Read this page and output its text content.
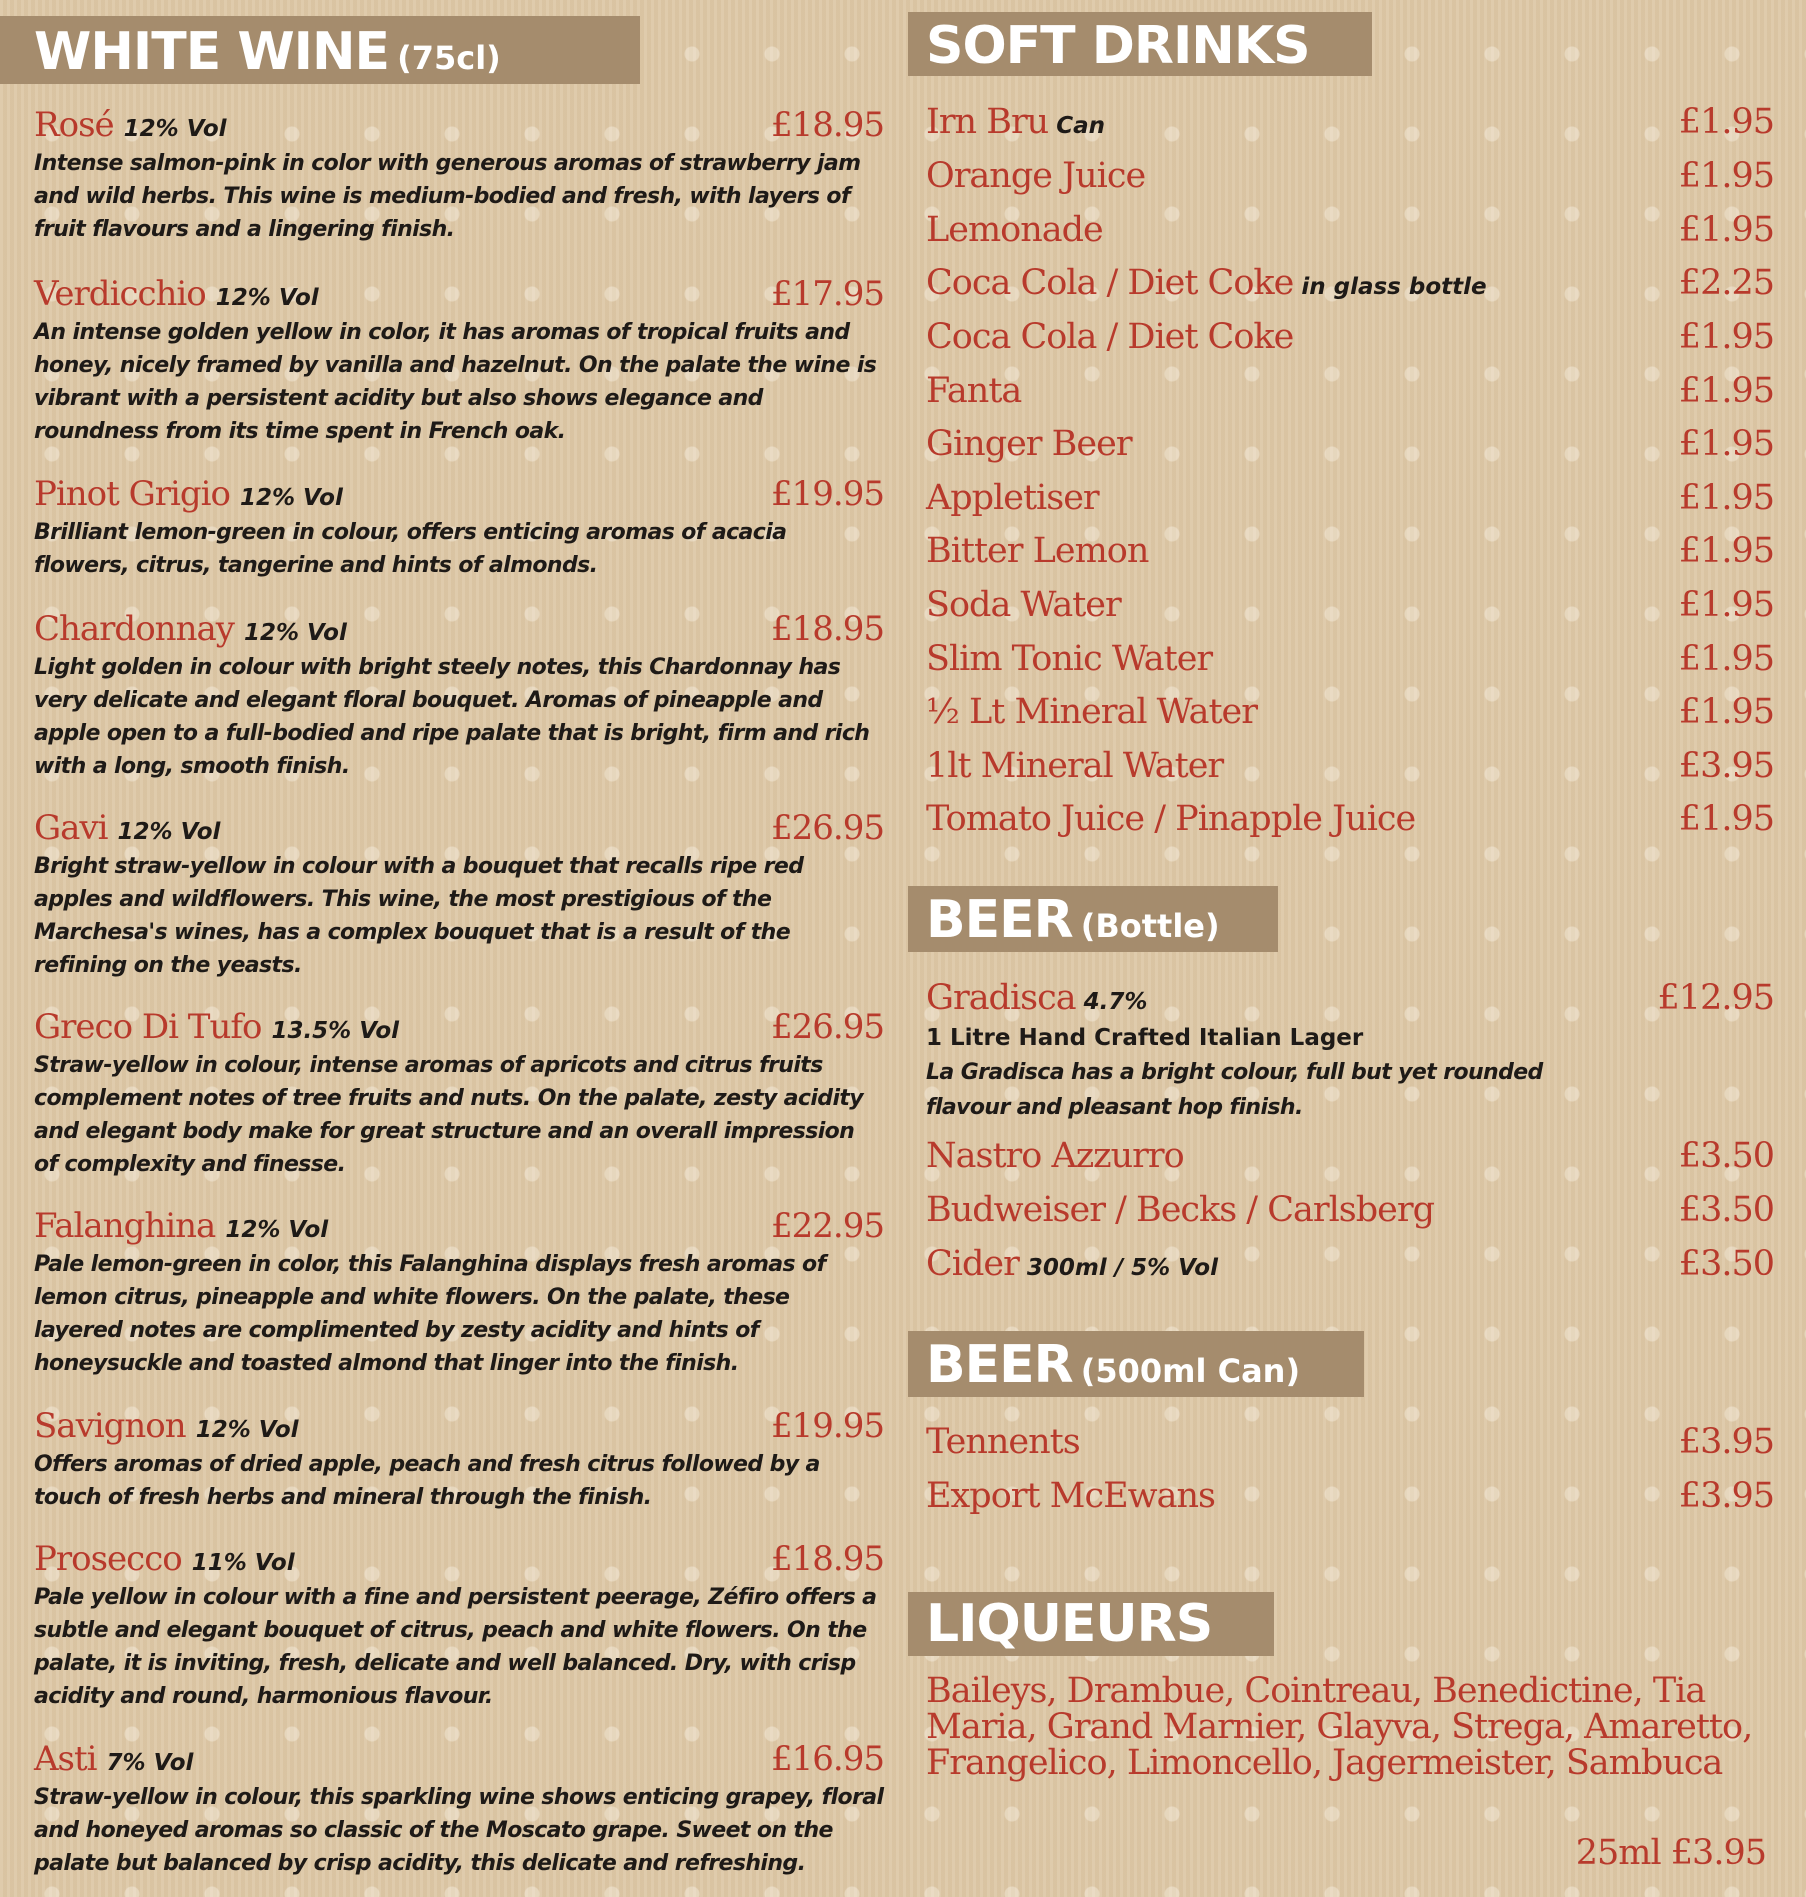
WHITE WINE (75cl)
Rosé 12% Vol	£18.95
Intense salmon-pink in color with generous aromas of strawberry jam and wild herbs. This wine is medium-bodied and fresh, with layers of fruit flavours and a lingering finish.
Verdicchio 12% Vol	£17.95
An intense golden yellow in color, it has aromas of tropical fruits and honey, nicely framed by vanilla and hazelnut. On the palate the wine is vibrant with a persistent acidity but also shows elegance and roundness from its time spent in French oak.
Pinot Grigio 12% Vol	£19.95
Brilliant lemon-green in colour, offers enticing aromas of acacia flowers, citrus, tangerine and hints of almonds.
Chardonnay 12% Vol	£18.95
Light golden in colour with bright steely notes, this Chardonnay has very delicate and elegant floral bouquet. Aromas of pineapple and apple open to a full-bodied and ripe palate that is bright, firm and rich with a long, smooth finish.
Gavi 12% Vol	£26.95
Bright straw-yellow in colour with a bouquet that recalls ripe red apples and wildflowers. This wine, the most prestigious of the Marchesa's wines, has a complex bouquet that is a result of the refining on the yeasts.
Greco Di Tufo 13.5% Vol	£26.95
Straw-yellow in colour, intense aromas of apricots and citrus fruits complement notes of tree fruits and nuts. On the palate, zesty acidity and elegant body make for great structure and an overall impression of complexity and finesse.
Falanghina 12% Vol	£22.95
Pale lemon-green in color, this Falanghina displays fresh aromas of lemon citrus, pineapple and white flowers. On the palate, these layered notes are complimented by zesty acidity and hints of honeysuckle and toasted almond that linger into the finish.
Savignon 12% Vol	£19.95
Offers aromas of dried apple, peach and fresh citrus followed by a touch of fresh herbs and mineral through the finish.
Prosecco 11% Vol	£18.95
Pale yellow in colour with a fine and persistent peerage, Zéfiro offers a subtle and elegant bouquet of citrus, peach and white flowers. On the palate, it is inviting, fresh, delicate and well balanced. Dry, with crisp acidity and round, harmonious flavour.
Asti 7% Vol	£16.95
Straw-yellow in colour, this sparkling wine shows enticing grapey, floral and honeyed aromas so classic of the Moscato grape. Sweet on the palate but balanced by crisp acidity, this delicate and refreshing.
SOFT DRINKS
Irn Bru Can	£1.95
Orange Juice	£1.95
Lemonade	£1.95
Coca Cola / Diet Coke in glass bottle	£2.25
Coca Cola / Diet Coke	£1.95
Fanta	£1.95
Ginger Beer	£1.95
Appletiser	£1.95
Bitter Lemon	£1.95
Soda Water	£1.95
Slim Tonic Water	£1.95
½ Lt Mineral Water	£1.95
1lt Mineral Water	£3.95
Tomato Juice / Pinapple Juice	£1.95
BEER (Bottle)
Gradisca 4.7%	£12.95
1 Litre Hand Crafted Italian Lager
La Gradisca has a bright colour, full but yet rounded flavour and pleasant hop finish.
Nastro Azzurro	£3.50
Budweiser / Becks / Carlsberg	£3.50
Cider 300ml / 5% Vol	£3.50
BEER (500ml Can)
Tennents	£3.95
Export McEwans	£3.95
LIQUEURS
Baileys, Drambue, Cointreau, Benedictine, Tia Maria, Grand Marnier, Glayva, Strega, Amaretto, Frangelico, Limoncello, Jagermeister, Sambuca
25ml £3.95
